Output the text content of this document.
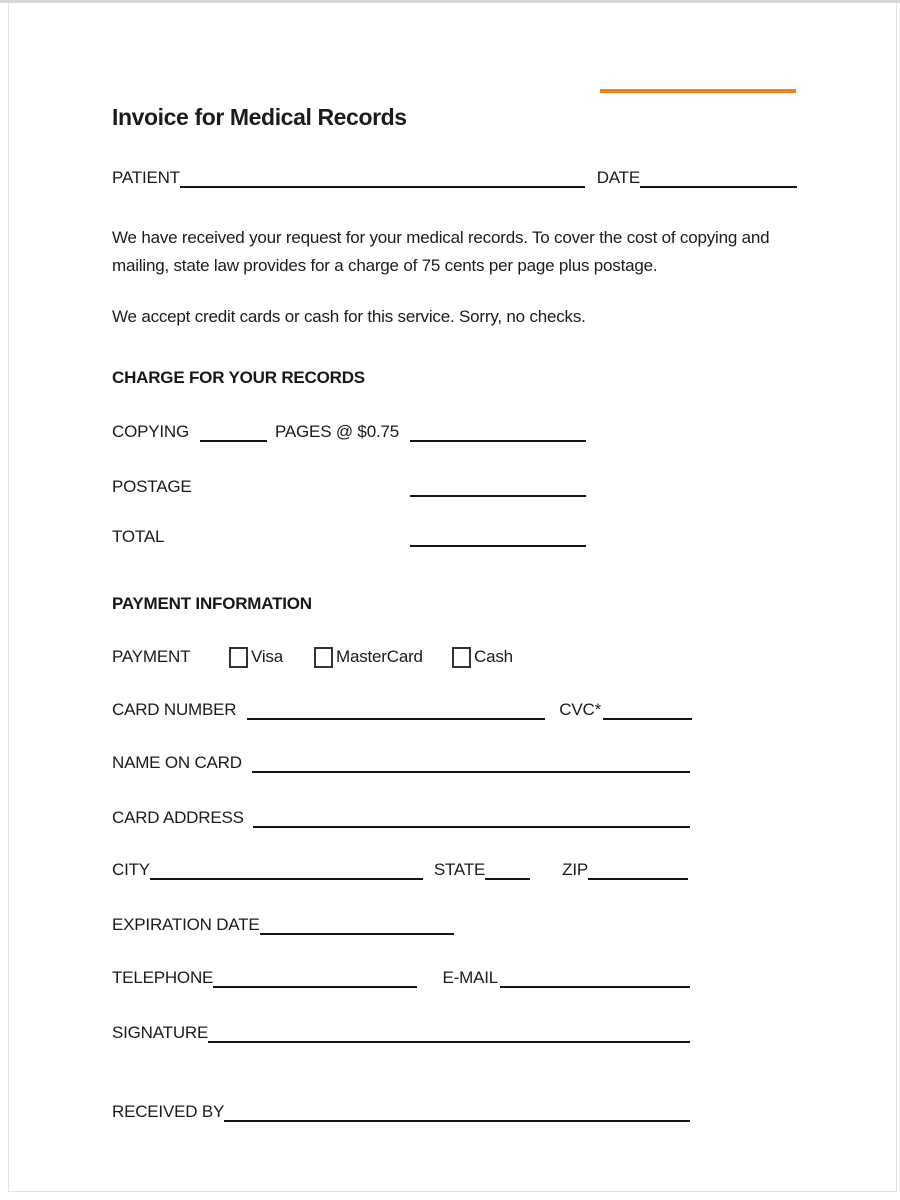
Invoice for Medical Records
PATIENT	DATE
We have received your request for your medical records. To cover the cost of copying and
mailing, state law provides for a charge of 75 cents per page plus postage.
We accept credit cards or cash for this service. Sorry, no checks.
CHARGE FOR YOUR RECORDS
COPYING	PAGES @ $0.75
POSTAGE
TOTAL
PAYMENT INFORMATION
PAYMENT	Visa	MasterCard	Cash
CARD NUMBER	CVC*
NAME ON CARD
CARD ADDRESS
CITY	STATE	ZIP
EXPIRATION DATE
TELEPHONE	E-MAIL
SIGNATURE
RECEIVED BY
